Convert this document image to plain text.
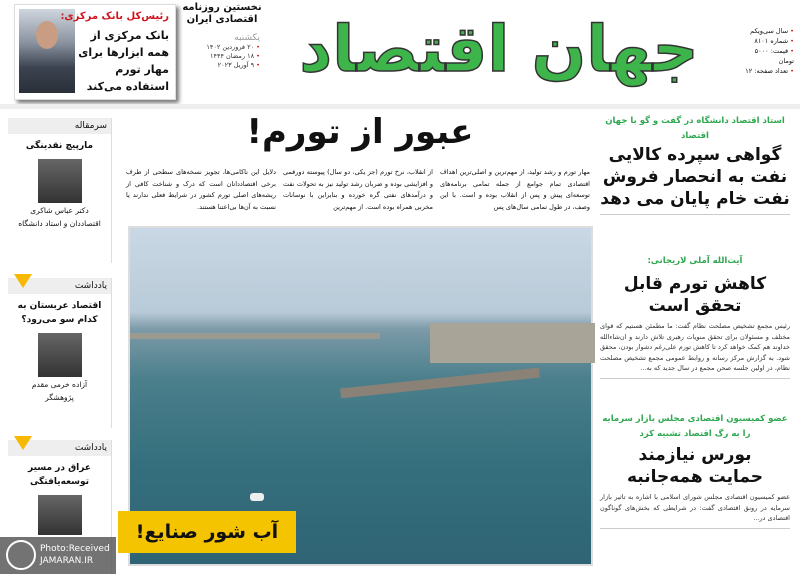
رئیس‌کل بانک مرکزی:
بانک مرکزی از همه ابزارها برای مهار تورم استفاده می‌کند	جهان اقتصاد
نخستین روزنامه اقتصادی ایران
یکشنبه
• ۲۰ فروردین ۱۴۰۲
• ۱۸ رمضان ۱۴۴۴
• ۹ آوریل ۲۰۲۳
• سال سی‌ویکم
• شماره ۸۱۰۱
• قیمت: ۵۰۰۰ تومان
• تعداد صفحه: ۱۲
سرمقاله
مارپیچ نقدینگی
دکتر عباس شاکری
اقتصاددان و استاد دانشگاه
یادداشت
اقتصاد عربستان به کدام سو می‌رود؟
آزاده خرمی مقدم
پژوهشگر
یادداشت
عراق در مسیر توسعه‌یافتگی
عبور از تورم!
مهار تورم و رشد تولید، از مهم‌ترین و اصلی‌ترین اهداف اقتصادی تمام جوامع از جمله تمامی برنامه‌های توسعه‌ای پیش و پس از انقلاب بوده و است. با این وصف، در طول تمامی سال‌های پس
از انقلاب، نرخ تورم (جز یکی، دو سال) پیوسته دورقمی و افزایشی بوده و ضربان رشد تولید نیز به تحولات نفت و درآمدهای نفتی گره خورده و بنابراین با نوسانات مخربی همراه بوده است. از مهم‌ترین
دلایل این ناکامی‌ها، تجویز نسخه‌های سطحی از طرف برخی اقتصاددانان است که درک و شناخت کافی از ریشه‌های اصلی تورم کشور در شرایط فعلی ندارند یا نسبت به آن‌ها بی‌اعتنا هستند.
آب شور صنایع!
استاد اقتصاد دانشگاه در گفت و گو با جهان اقتصاد
گواهی سپرده کالایی نفت به انحصار فروش نفت خام پایان می دهد
آیت‌الله آملی لاریجانی:
کاهش تورم قابل تحقق است
رئیس مجمع تشخیص مصلحت نظام گفت: ما مطمئن هستیم که قوای مختلف و مسئولان برای تحقق منویات رهبری تلاش دارند و ان‌شاءالله خداوند هم کمک خواهد کرد تا کاهش تورم علی‌رغم دشوار بودن، محقق شود. به گزارش مرکز رسانه و روابط عمومی مجمع تشخیص مصلحت نظام، در اولین جلسه صحن مجمع در سال جدید که به...
عضو کمیسیون اقتصادی مجلس بازار سرمایه را به رگ اقتصاد تشبیه کرد
بورس نیازمند حمایت همه‌جانبه
عضو کمیسیون اقتصادی مجلس شورای اسلامی با اشاره به تاثیر بازار سرمایه در رونق اقتصادی گفت: در شرایطی که بخش‌های گوناگون اقتصادی در...
Photo:Received
JAMARAN.IR
